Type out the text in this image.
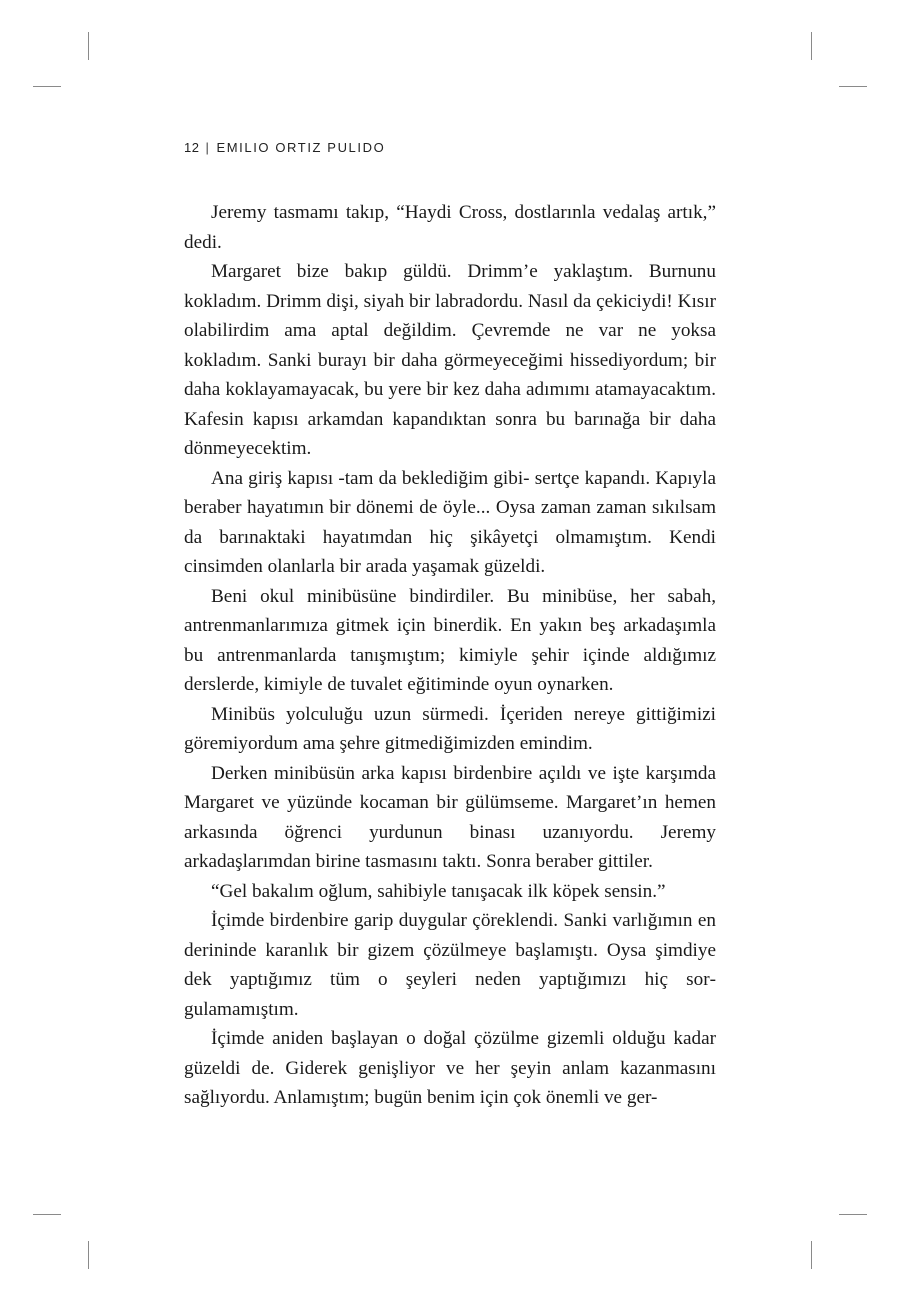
12 | EMILIO ORTIZ PULIDO

Jeremy tasmamı takıp, “Haydi Cross, dostlarınla vedalaş artık,” dedi.

Margaret bize bakıp güldü. Drimm’e yaklaştım. Burnunu kokladım. Drimm dişi, siyah bir labradordu. Nasıl da çekiciydi! Kısır olabilirdim ama aptal değildim. Çevremde ne var ne yoksa kokladım. Sanki burayı bir daha görmeyeceğimi hissediyordum; bir daha koklayamayacak, bu yere bir kez daha adımımı atamayacaktım. Kafesin kapısı arkamdan kapandıktan sonra bu barınağa bir daha dönmeyecektim.

Ana giriş kapısı -tam da beklediğim gibi- sertçe kapandı. Kapıyla beraber hayatımın bir dönemi de öyle... Oysa zaman zaman sıkılsam da barınaktaki hayatımdan hiç şikâyetçi olmamıştım. Kendi cinsimden olanlarla bir arada yaşamak güzeldi.

Beni okul minibüsüne bindirdiler. Bu minibüse, her sabah, antrenmanlarımıza gitmek için binerdik. En yakın beş arkadaşımla bu antrenmanlarda tanışmıştım; kimiyle şehir içinde aldığımız derslerde, kimiyle de tuvalet eğitiminde oyun oynarken.

Minibüs yolculuğu uzun sürmedi. İçeriden nereye gittiğimizi göremiyordum ama şehre gitmediğimizden emindim.

Derken minibüsün arka kapısı birdenbire açıldı ve işte karşımda Margaret ve yüzünde kocaman bir gülümseme. Margaret’ın hemen arkasında öğrenci yurdunun binası uzanıyordu. Jeremy arkadaşlarımdan birine tasmasını taktı. Sonra beraber gittiler.

“Gel bakalım oğlum, sahibiyle tanışacak ilk köpek sensin.”

İçimde birdenbire garip duygular çöreklendi. Sanki varlığımın en derininde karanlık bir gizem çözülmeye başlamıştı. Oysa şimdiye dek yaptığımız tüm o şeyleri neden yaptığımızı hiç sorgulamamıştım.

İçimde aniden başlayan o doğal çözülme gizemli olduğu kadar güzeldi de. Giderek genişliyor ve her şeyin anlam kazanmasını sağlıyordu. Anlamıştım; bugün benim için çok önemli ve ger-
